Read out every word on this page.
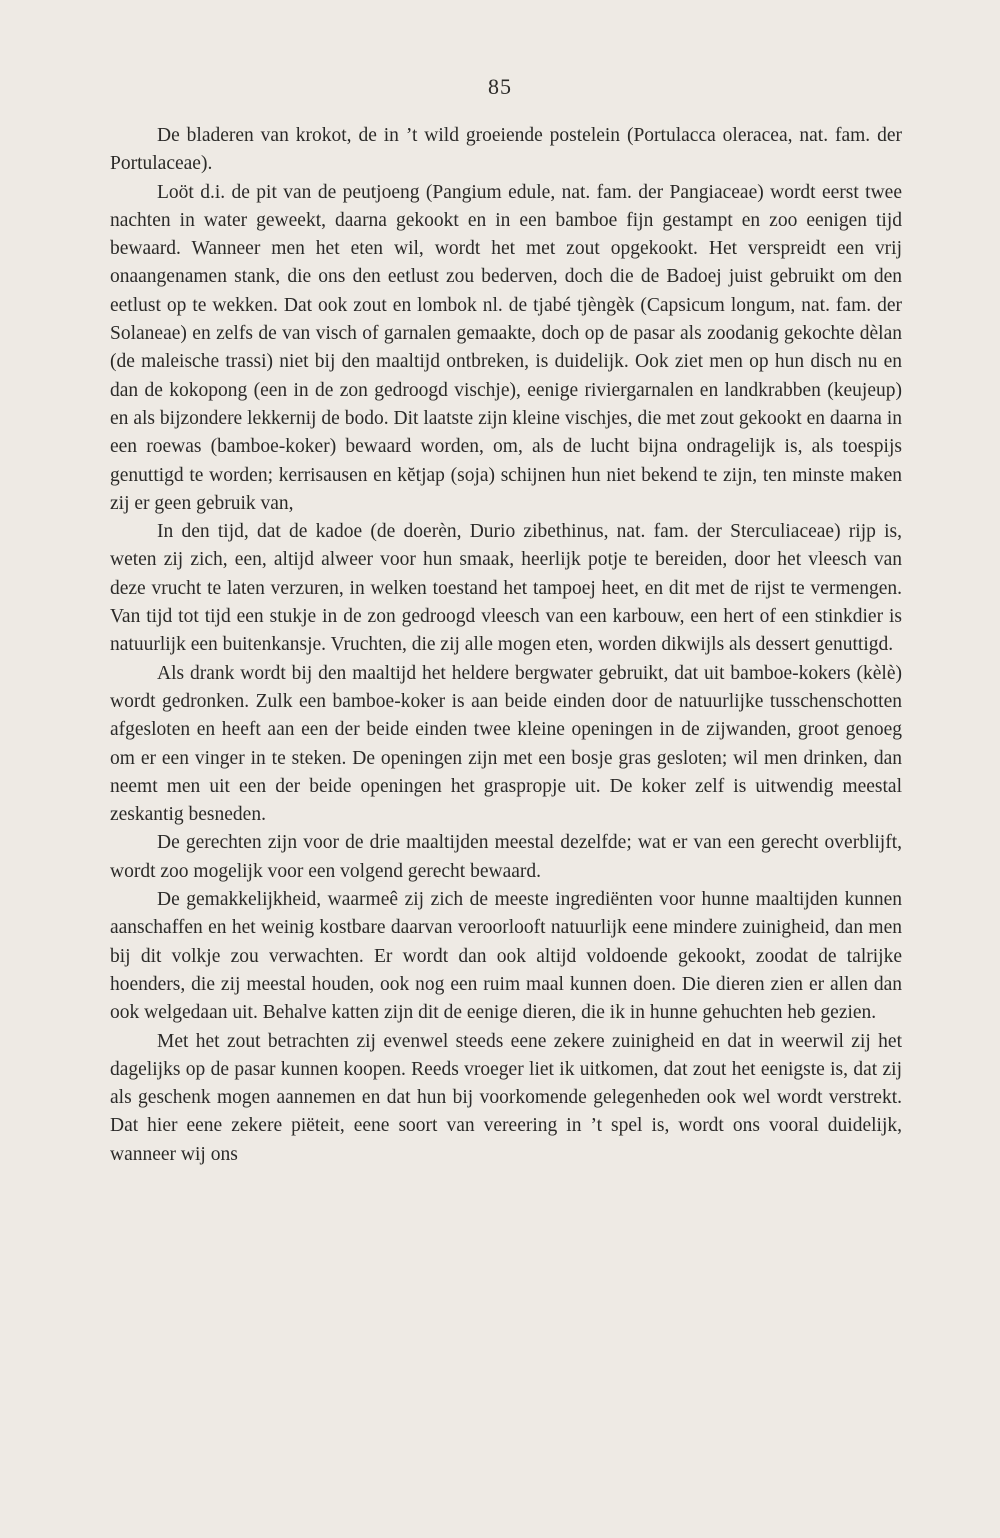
85

De bladeren van krokot, de in ’t wild groeiende postelein (Portulacca oleracea, nat. fam. der Portulaceae).

Loöt d.i. de pit van de peutjoeng (Pangium edule, nat. fam. der Pangiaceae) wordt eerst twee nachten in water geweekt, daarna gekookt en in een bamboe fijn gestampt en zoo eenigen tijd bewaard. Wanneer men het eten wil, wordt het met zout opgekookt. Het verspreidt een vrij onaangenamen stank, die ons den eetlust zou bederven, doch die de Badoej juist gebruikt om den eetlust op te wekken. Dat ook zout en lombok nl. de tjabé tjèngèk (Capsicum longum, nat. fam. der Solaneae) en zelfs de van visch of garnalen gemaakte, doch op de pasar als zoodanig gekochte dèlan (de maleische trassi) niet bij den maaltijd ontbreken, is duidelijk. Ook ziet men op hun disch nu en dan de kokopong (een in de zon gedroogd vischje), eenige riviergarnalen en landkrabben (keujeup) en als bijzondere lekkernij de bodo. Dit laatste zijn kleine vischjes, die met zout gekookt en daarna in een roewas (bamboe-koker) bewaard worden, om, als de lucht bijna ondragelijk is, als toespijs genuttigd te worden; kerrisausen en kĕtjap (soja) schijnen hun niet bekend te zijn, ten minste maken zij er geen gebruik van,

In den tijd, dat de kadoe (de doerèn, Durio zibethinus, nat. fam. der Sterculiaceae) rijp is, weten zij zich, een, altijd alweer voor hun smaak, heerlijk potje te bereiden, door het vleesch van deze vrucht te laten verzuren, in welken toestand het tampoej heet, en dit met de rijst te vermengen. Van tijd tot tijd een stukje in de zon gedroogd vleesch van een karbouw, een hert of een stinkdier is natuurlijk een buitenkansje. Vruchten, die zij alle mogen eten, worden dikwijls als dessert genuttigd.

Als drank wordt bij den maaltijd het heldere bergwater gebruikt, dat uit bamboe-kokers (kèlè) wordt gedronken. Zulk een bamboe-koker is aan beide einden door de natuurlijke tusschenschotten afgesloten en heeft aan een der beide einden twee kleine openingen in de zijwanden, groot genoeg om er een vinger in te steken. De openingen zijn met een bosje gras gesloten; wil men drinken, dan neemt men uit een der beide openingen het graspropje uit. De koker zelf is uitwendig meestal zeskantig besneden.

De gerechten zijn voor de drie maaltijden meestal dezelfde; wat er van een gerecht overblijft, wordt zoo mogelijk voor een volgend gerecht bewaard.

De gemakkelijkheid, waarmeê zij zich de meeste ingrediënten voor hunne maaltijden kunnen aanschaffen en het weinig kostbare daarvan veroorlooft natuurlijk eene mindere zuinigheid, dan men bij dit volkje zou verwachten. Er wordt dan ook altijd voldoende gekookt, zoodat de talrijke hoenders, die zij meestal houden, ook nog een ruim maal kunnen doen. Die dieren zien er allen dan ook welgedaan uit. Behalve katten zijn dit de eenige dieren, die ik in hunne gehuchten heb gezien.

Met het zout betrachten zij evenwel steeds eene zekere zuinigheid en dat in weerwil zij het dagelijks op de pasar kunnen koopen. Reeds vroeger liet ik uitkomen, dat zout het eenigste is, dat zij als geschenk mogen aannemen en dat hun bij voorkomende gelegenheden ook wel wordt verstrekt. Dat hier eene zekere piëteit, eene soort van vereering in ’t spel is, wordt ons vooral duidelijk, wanneer wij ons
